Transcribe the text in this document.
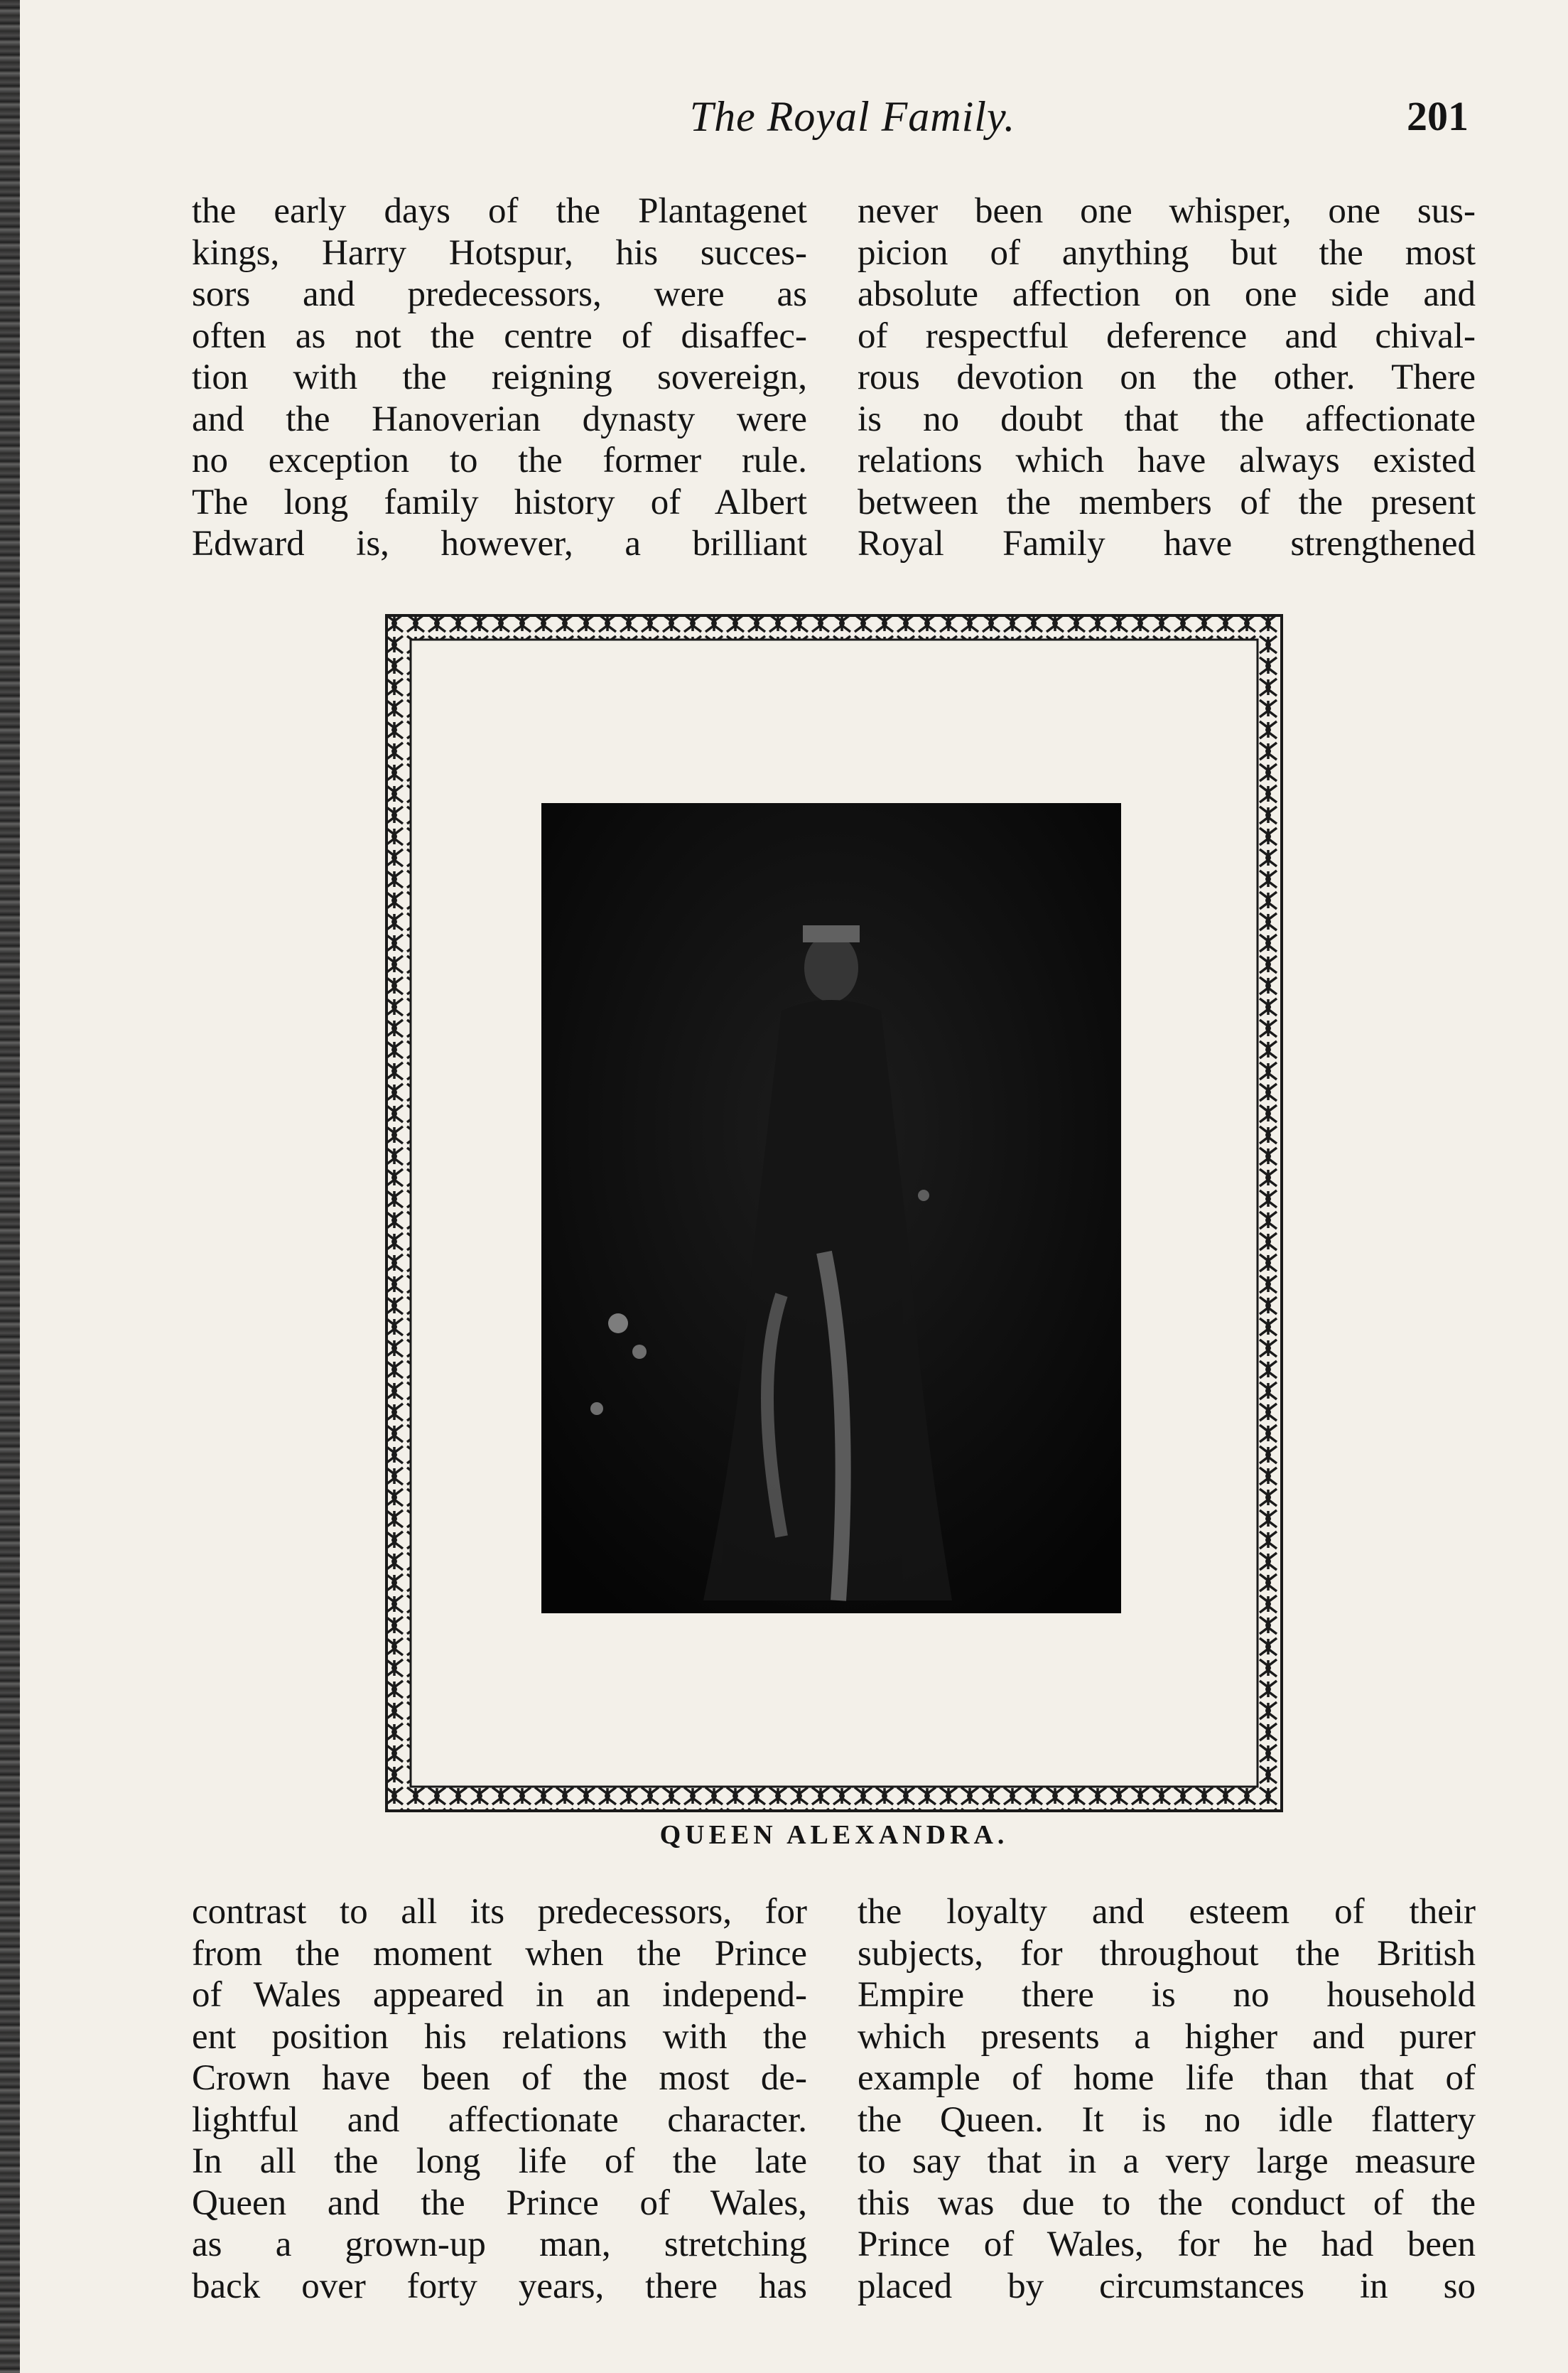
The Royal Family.	201
the early days of the Plantagenet
kings, Harry Hotspur, his succes-
sors and predecessors, were as
often as not the centre of disaffec-
tion with the reigning sovereign,
and the Hanoverian dynasty were
no exception to the former rule.
The long family history of Albert
Edward is, however, a brilliant
never been one whisper, one sus-
picion of anything but the most
absolute affection on one side and
of respectful deference and chival-
rous devotion on the other. There
is no doubt that the affectionate
relations which have always existed
between the members of the present
Royal Family have strengthened
QUEEN ALEXANDRA.
contrast to all its predecessors, for
from the moment when the Prince
of Wales appeared in an independ-
ent position his relations with the
Crown have been of the most de-
lightful and affectionate character.
In all the long life of the late
Queen and the Prince of Wales,
as a grown-up man, stretching
back over forty years, there has
the loyalty and esteem of their
subjects, for throughout the British
Empire there is no household
which presents a higher and purer
example of home life than that of
the Queen. It is no idle flattery
to say that in a very large measure
this was due to the conduct of the
Prince of Wales, for he had been
placed by circumstances in so
